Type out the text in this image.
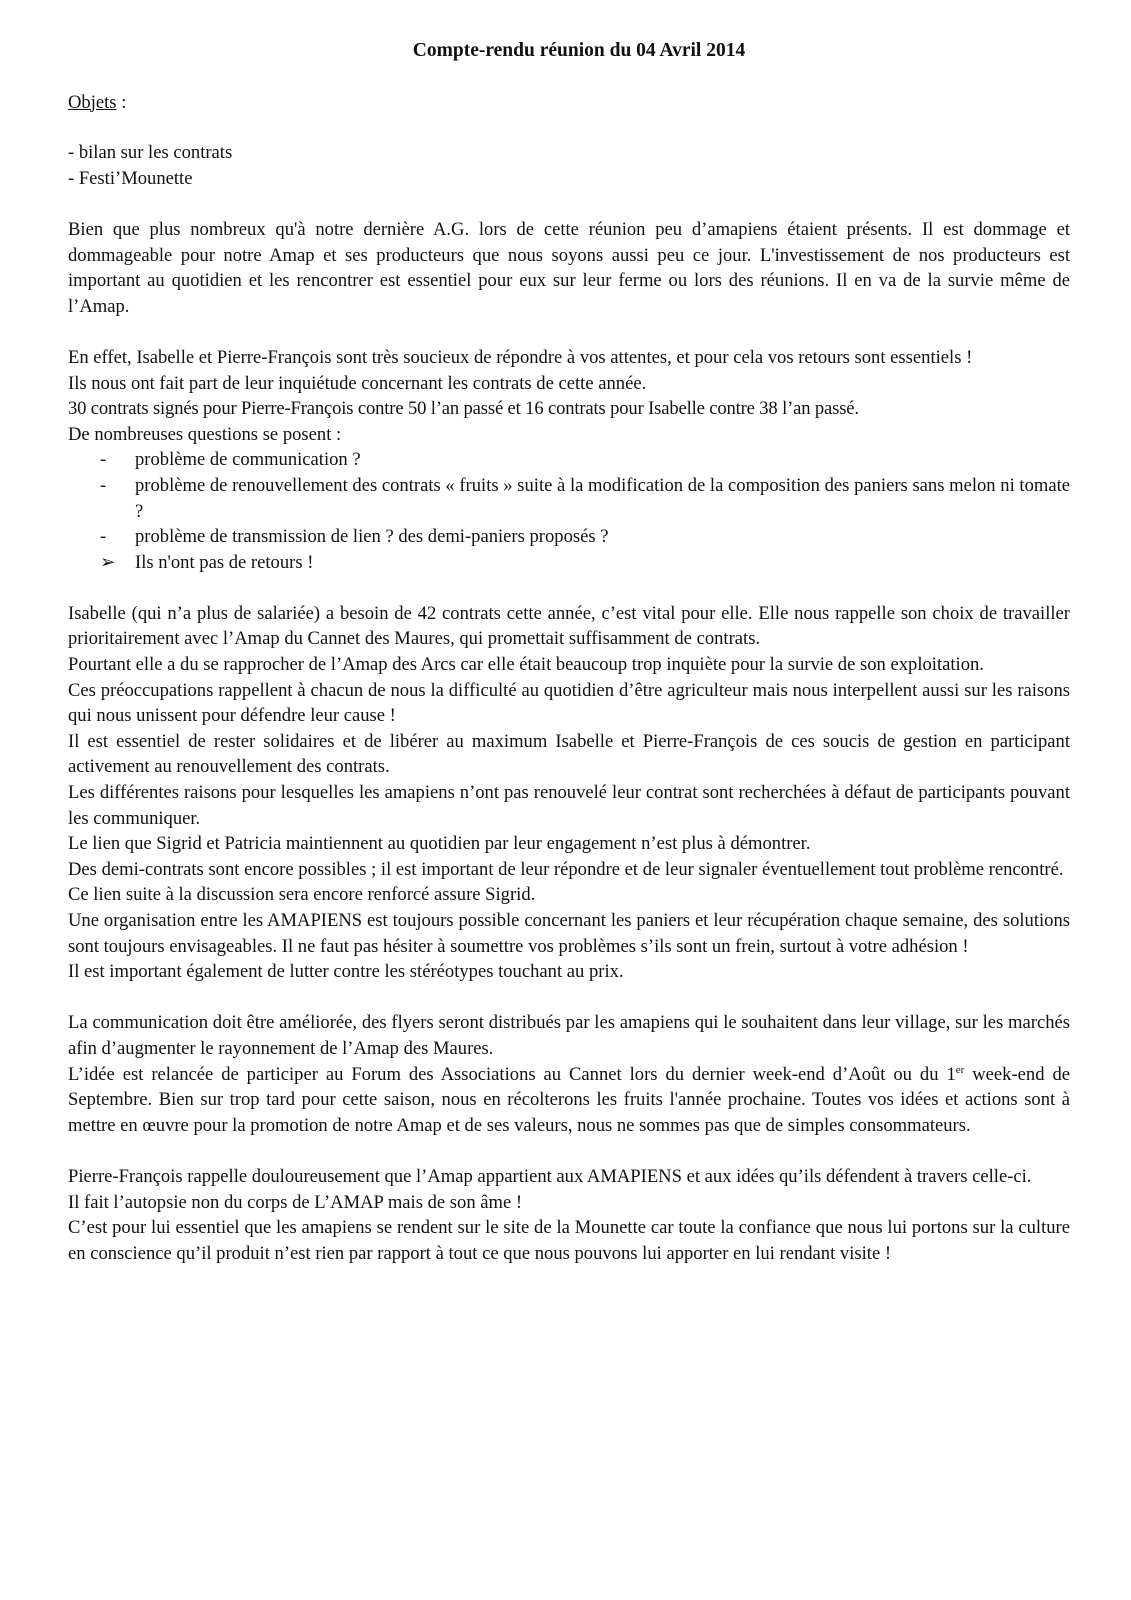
Compte-rendu réunion du 04 Avril 2014
Objets :
- bilan sur les contrats
- Festi’Mounette

Bien que plus nombreux qu'à notre dernière A.G. lors de cette réunion peu d’amapiens étaient présents. Il est dommage et dommageable pour notre Amap et ses producteurs que nous soyons aussi peu ce jour. L'investissement de nos producteurs est important au quotidien et les rencontrer est essentiel pour eux sur leur ferme ou lors des réunions. Il en va de la survie même de l’Amap.

En effet, Isabelle et Pierre-François sont très soucieux de répondre à vos attentes, et pour cela vos retours sont essentiels !

Ils nous ont fait part de leur inquiétude concernant les contrats de cette année.

30 contrats signés pour Pierre-François contre 50 l’an passé et 16 contrats pour Isabelle contre 38 l’an passé.

De nombreuses questions se posent :

- problème de communication ?
- problème de renouvellement des contrats « fruits » suite à la modification de la composition des paniers sans melon ni tomate ?
- problème de transmission de lien ? des demi-paniers proposés ?
➢ Ils n'ont pas de retours !

Isabelle (qui n’a plus de salariée) a besoin de 42 contrats cette année, c’est vital pour elle. Elle nous rappelle son choix de travailler prioritairement avec l’Amap du Cannet des Maures, qui promettait suffisamment de contrats.

Pourtant elle a du se rapprocher de l’Amap des Arcs car elle était beaucoup trop inquiète pour la survie de son exploitation.

Ces préoccupations rappellent à chacun de nous la difficulté au quotidien d’être agriculteur mais nous interpellent aussi sur les raisons qui nous unissent pour défendre leur cause !

Il est essentiel de rester solidaires et de libérer au maximum Isabelle et Pierre-François de ces soucis de gestion en participant activement au renouvellement des contrats.

Les différentes raisons pour lesquelles les amapiens n’ont pas renouvelé leur contrat sont recherchées à défaut de participants pouvant les communiquer.

Le lien que Sigrid et Patricia maintiennent au quotidien par leur engagement n’est plus à démontrer.

Des demi-contrats sont encore possibles ; il est important de leur répondre et de leur signaler éventuellement tout problème rencontré.

Ce lien suite à la discussion sera encore renforcé assure Sigrid.

Une organisation entre les AMAPIENS est toujours possible concernant les paniers et leur récupération chaque semaine, des solutions sont toujours envisageables. Il ne faut pas hésiter à soumettre vos problèmes s’ils sont un frein, surtout à votre adhésion !

Il est important également de lutter contre les stéréotypes touchant au prix.

La communication doit être améliorée, des flyers seront distribués par les amapiens qui le souhaitent dans leur village, sur les marchés afin d’augmenter le rayonnement de l’Amap des Maures.

L’idée est relancée de participer au Forum des Associations au Cannet lors du dernier week-end d’Août ou du 1er week-end de Septembre. Bien sur trop tard pour cette saison, nous en récolterons les fruits l'année prochaine. Toutes vos idées et actions sont à mettre en œuvre pour la promotion de notre Amap et de ses valeurs, nous ne sommes pas que de simples consommateurs.

Pierre-François rappelle douloureusement que l’Amap appartient aux AMAPIENS et aux idées qu’ils défendent à travers celle-ci.

Il fait l’autopsie non du corps de L’AMAP mais de son âme !

C’est pour lui essentiel que les amapiens se rendent sur le site de la Mounette car toute la confiance que nous lui portons sur la culture en conscience qu’il produit n’est rien par rapport à tout ce que nous pouvons lui apporter en lui rendant visite !
